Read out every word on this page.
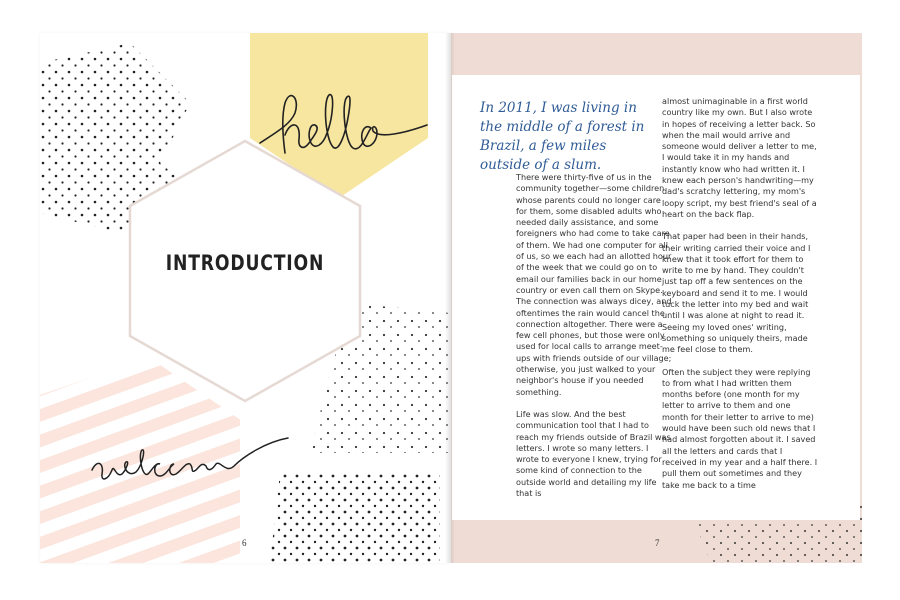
INTRODUCTION
6
In 2011, I was living in the middle of a forest in Brazil, a few miles outside of a slum.

There were thirty-five of us in the community together—some children whose parents could no longer care for them, some disabled adults who needed daily assistance, and some foreigners who had come to take care of them. We had one computer for all of us, so we each had an allotted hour of the week that we could go on to email our families back in our home country or even call them on Skype. The connection was always dicey, and oftentimes the rain would cancel the connection altogether. There were a few cell phones, but those were only used for local calls to arrange meet-ups with friends outside of our village; otherwise, you just walked to your neighbor's house if you needed something.

Life was slow. And the best communication tool that I had to reach my friends outside of Brazil was letters. I wrote so many letters. I wrote to everyone I knew, trying for some kind of connection to the outside world and detailing my life that is

almost unimaginable in a first world country like my own. But I also wrote in hopes of receiving a letter back. So when the mail would arrive and someone would deliver a letter to me, I would take it in my hands and instantly know who had written it. I knew each person's handwriting—my dad's scratchy lettering, my mom's loopy script, my best friend's seal of a heart on the back flap.

That paper had been in their hands, their writing carried their voice and I knew that it took effort for them to write to me by hand. They couldn't just tap off a few sentences on the keyboard and send it to me. I would tuck the letter into my bed and wait until I was alone at night to read it. Seeing my loved ones' writing, something so uniquely theirs, made me feel close to them.

Often the subject they were replying to from what I had written them months before (one month for my letter to arrive to them and one month for their letter to arrive to me) would have been such old news that I had almost forgotten about it. I saved all the letters and cards that I received in my year and a half there. I pull them out sometimes and they take me back to a time

7
